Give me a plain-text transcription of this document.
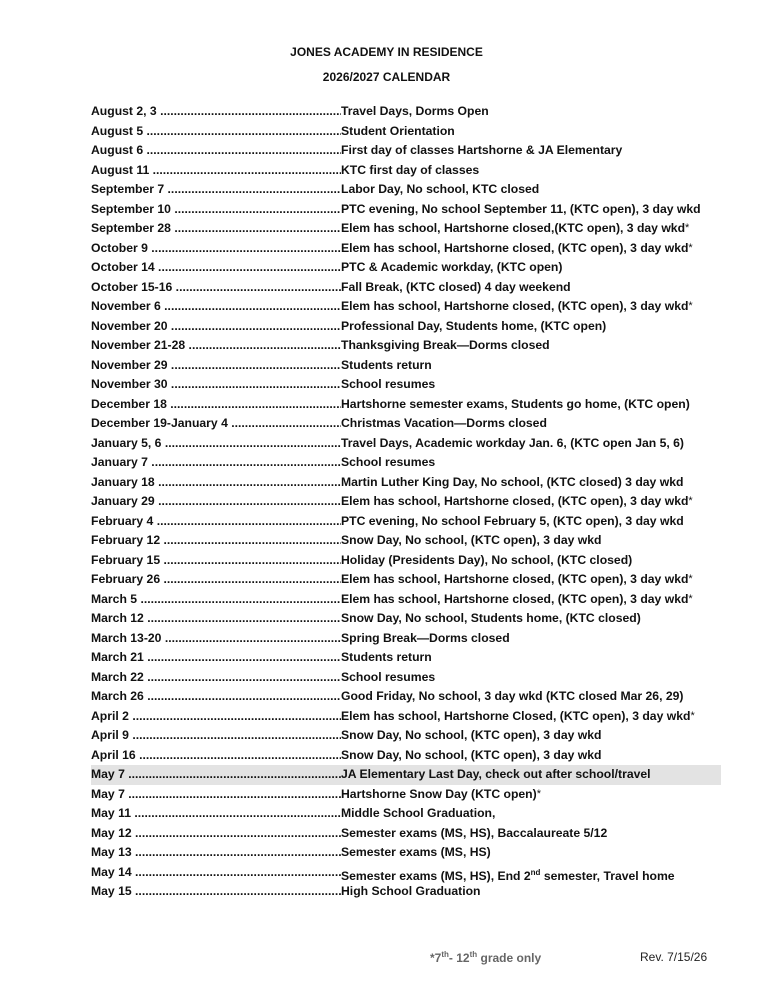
JONES ACADEMY IN RESIDENCE
2026/2027 CALENDAR
August 2, 3 .....	Travel Days, Dorms Open
August 5 .....	Student Orientation
August 6 .....	First day of classes Hartshorne & JA Elementary
August 11 .....	KTC first day of classes
September 7 .....	Labor Day, No school, KTC closed
September 10 .....	PTC evening, No school September 11, (KTC open), 3 day wkd
September 28 .....	Elem has school, Hartshorne closed,(KTC open), 3 day wkd*
October 9 .....	Elem has school, Hartshorne closed, (KTC open), 3 day wkd*
October 14 .....	PTC & Academic workday, (KTC open)
October 15-16 .....	Fall Break, (KTC closed) 4 day weekend
November 6 .....	Elem has school, Hartshorne closed, (KTC open), 3 day wkd*
November 20 .....	Professional Day, Students home, (KTC open)
November 21-28 .....	Thanksgiving Break—Dorms closed
November 29 .....	Students return
November 30 .....	School resumes
December 18 .....	Hartshorne semester exams, Students go home, (KTC open)
December 19-January 4 .....	Christmas Vacation—Dorms closed
January 5, 6 .....	Travel Days, Academic workday Jan. 6, (KTC open Jan 5, 6)
January 7 .....	School resumes
January 18 .....	Martin Luther King Day, No school, (KTC closed) 3 day wkd
January 29 .....	Elem has school, Hartshorne closed, (KTC open), 3 day wkd*
February 4 .....	PTC evening, No school February 5, (KTC open), 3 day wkd
February 12 .....	Snow Day, No school, (KTC open), 3 day wkd
February 15 .....	Holiday (Presidents Day), No school, (KTC closed)
February 26 .....	Elem has school, Hartshorne closed, (KTC open), 3 day wkd*
March 5 .....	Elem has school, Hartshorne closed, (KTC open), 3 day wkd*
March 12 .....	Snow Day, No school, Students home, (KTC closed)
March 13-20 .....	Spring Break—Dorms closed
March 21 .....	Students return
March 22 .....	School resumes
March 26 .....	Good Friday, No school, 3 day wkd (KTC closed Mar 26, 29)
April 2 .....	Elem has school, Hartshorne Closed, (KTC open), 3 day wkd*
April 9 .....	Snow Day, No school, (KTC open), 3 day wkd
April 16 .....	Snow Day, No school, (KTC open), 3 day wkd
May 7 .....	JA Elementary Last Day, check out after school/travel
May 7 .....	Hartshorne Snow Day (KTC open)*
May 11 .....	Middle School Graduation,
May 12 .....	Semester exams (MS, HS), Baccalaureate 5/12
May 13 .....	Semester exams (MS, HS)
May 14 .....	Semester exams (MS, HS), End 2nd semester, Travel home
May 15 .....	High School Graduation
*7th- 12th grade only	Rev. 7/15/26
